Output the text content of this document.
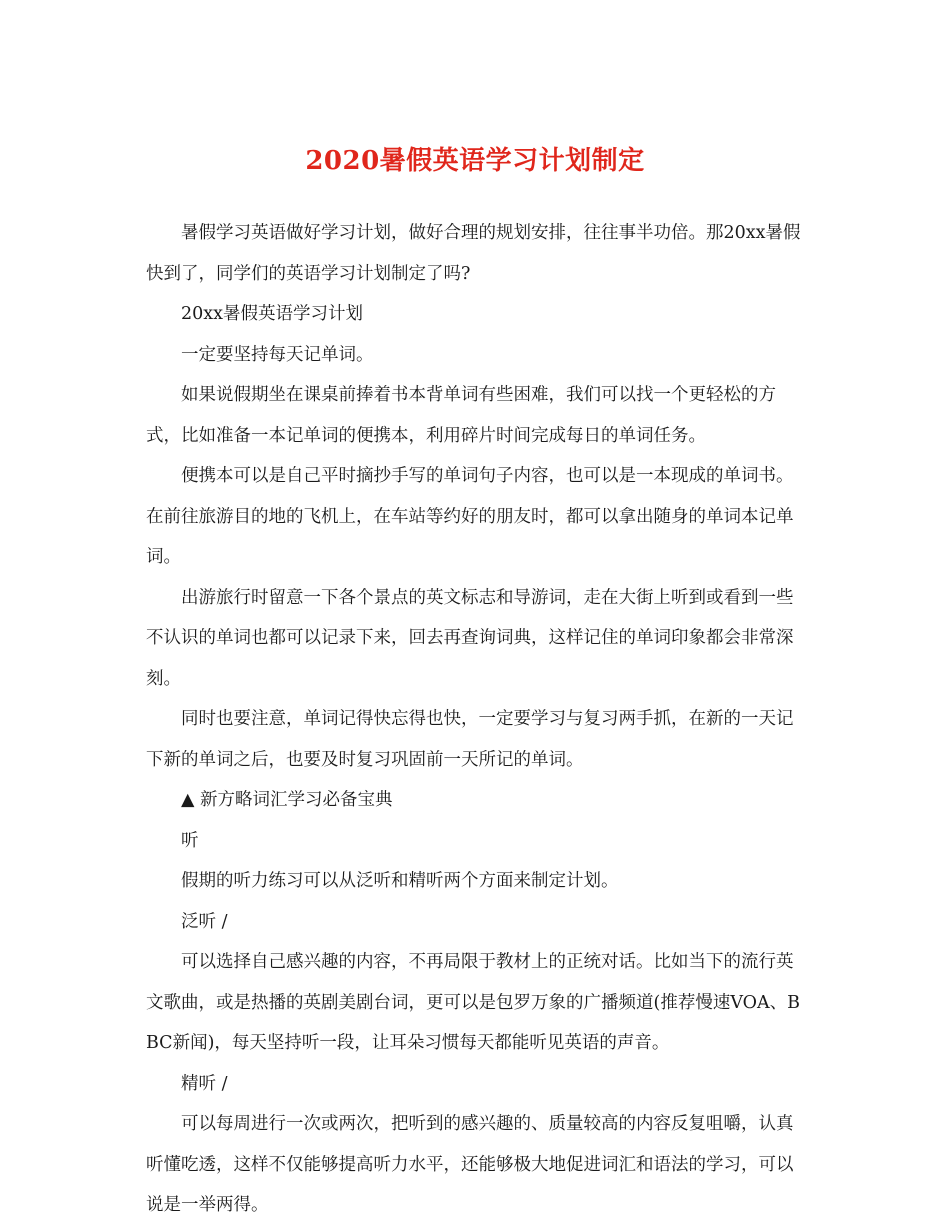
2020暑假英语学习计划制定

暑假学习英语做好学习计划，做好合理的规划安排，往往事半功倍。那20xx暑假快到了，同学们的英语学习计划制定了吗?

20xx暑假英语学习计划

一定要坚持每天记单词。

如果说假期坐在课桌前捧着书本背单词有些困难，我们可以找一个更轻松的方式，比如准备一本记单词的便携本，利用碎片时间完成每日的单词任务。

便携本可以是自己平时摘抄手写的单词句子内容，也可以是一本现成的单词书。在前往旅游目的地的飞机上，在车站等约好的朋友时，都可以拿出随身的单词本记单词。

出游旅行时留意一下各个景点的英文标志和导游词，走在大街上听到或看到一些不认识的单词也都可以记录下来，回去再查询词典，这样记住的单词印象都会非常深刻。

同时也要注意，单词记得快忘得也快，一定要学习与复习两手抓，在新的一天记下新的单词之后，也要及时复习巩固前一天所记的单词。

▲ 新方略词汇学习必备宝典

听

假期的听力练习可以从泛听和精听两个方面来制定计划。

泛听 /

可以选择自己感兴趣的内容，不再局限于教材上的正统对话。比如当下的流行英文歌曲，或是热播的英剧美剧台词，更可以是包罗万象的广播频道(推荐慢速VOA、BBC新闻)，每天坚持听一段，让耳朵习惯每天都能听见英语的声音。

精听 /

可以每周进行一次或两次，把听到的感兴趣的、质量较高的内容反复咀嚼，认真听懂吃透，这样不仅能够提高听力水平，还能够极大地促进词汇和语法的学习，可以说是一举两得。
